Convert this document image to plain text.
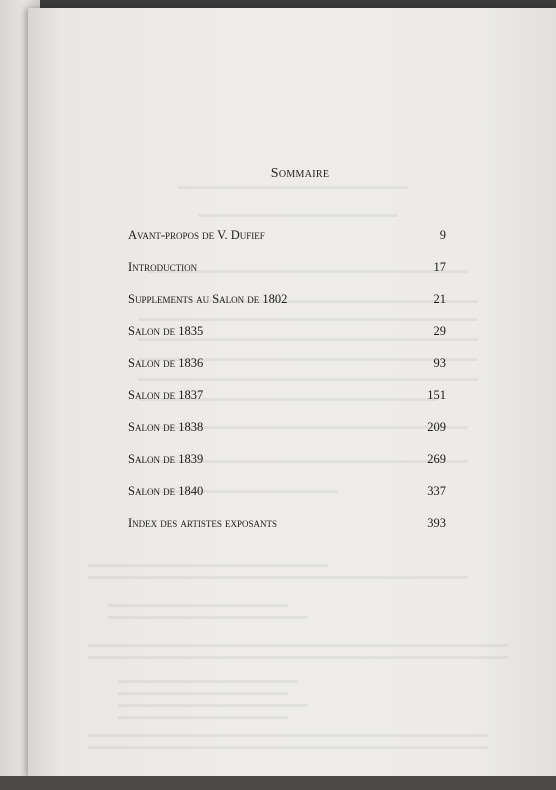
Sommaire
Avant-propos de V. Dufief	9
Introduction	17
Supplements au Salon de 1802	21
Salon de 1835	29
Salon de 1836	93
Salon de 1837	151
Salon de 1838	209
Salon de 1839	269
Salon de 1840	337
Index des artistes exposants	393
